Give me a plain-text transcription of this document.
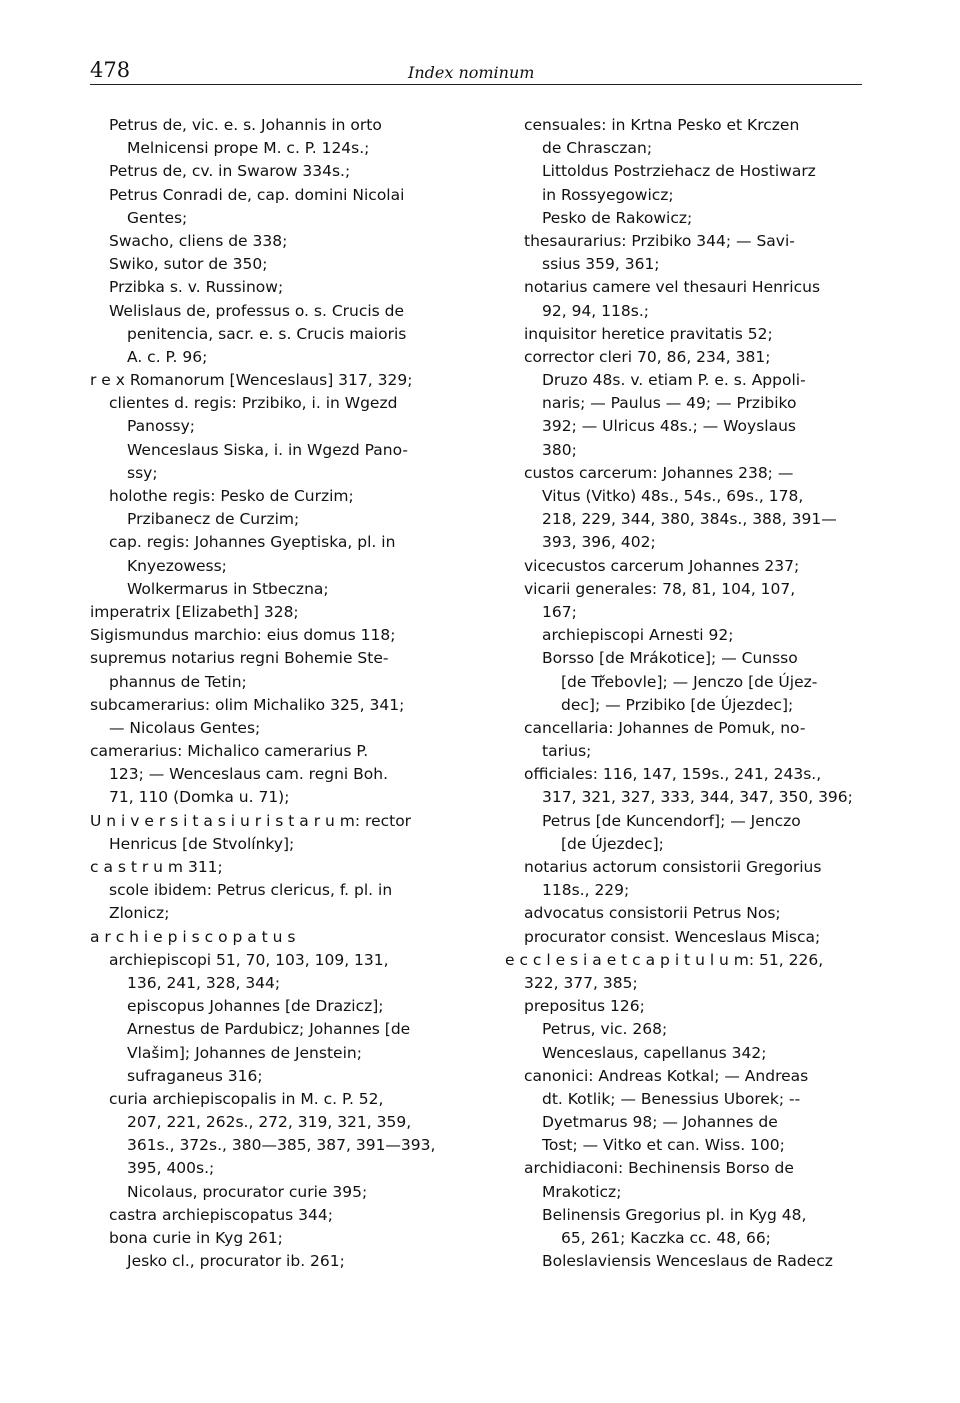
478	Index nominum
Petrus de, vic. e. s. Johannis in orto
Melnicensi prope M. c. P. 124s.;
Petrus de, cv. in Swarow 334s.;
Petrus Conradi de, cap. domini Nicolai
Gentes;
Swacho, cliens de 338;
Swiko, sutor de 350;
Przibka s. v. Russinow;
Welislaus de, professus o. s. Crucis de
penitencia, sacr. e. s. Crucis maioris
A. c. P. 96;
r e x Romanorum [Wenceslaus] 317, 329;
clientes d. regis: Przibiko, i. in Wgezd
Panossy;
Wenceslaus Siska, i. in Wgezd Pano-
ssy;
holothe regis: Pesko de Curzim;
Przibanecz de Curzim;
cap. regis: Johannes Gyeptiska, pl. in
Knyezowess;
Wolkermarus in Stbeczna;
imperatrix [Elizabeth] 328;
Sigismundus marchio: eius domus 118;
supremus notarius regni Bohemie Ste-
phannus de Tetin;
subcamerarius: olim Michaliko 325, 341;
— Nicolaus Gentes;
camerarius: Michalico camerarius P.
123; — Wenceslaus cam. regni Boh.
71, 110 (Domka u. 71);
U n i v e r s i t a s i u r i s t a r u m: rector
Henricus [de Stvolínky];
c a s t r u m 311;
scole ibidem: Petrus clericus, f. pl. in
Zlonicz;
a r c h i e p i s c o p a t u s
archiepiscopi 51, 70, 103, 109, 131,
136, 241, 328, 344;
episcopus Johannes [de Drazicz];
Arnestus de Pardubicz; Johannes [de
Vlašim]; Johannes de Jenstein;
sufraganeus 316;
curia archiepiscopalis in M. c. P. 52,
207, 221, 262s., 272, 319, 321, 359,
361s., 372s., 380—385, 387, 391—393,
395, 400s.;
Nicolaus, procurator curie 395;
castra archiepiscopatus 344;
bona curie in Kyg 261;
Jesko cl., procurator ib. 261;
censuales: in Krtna Pesko et Krczen
de Chrasczan;
Littoldus Postrziehacz de Hostiwarz
in Rossyegowicz;
Pesko de Rakowicz;
thesaurarius: Przibiko 344; — Savi-
ssius 359, 361;
notarius camere vel thesauri Henricus
92, 94, 118s.;
inquisitor heretice pravitatis 52;
corrector cleri 70, 86, 234, 381;
Druzo 48s. v. etiam P. e. s. Appoli-
naris; — Paulus — 49; — Przibiko
392; — Ulricus 48s.; — Woyslaus
380;
custos carcerum: Johannes 238; —
Vitus (Vitko) 48s., 54s., 69s., 178,
218, 229, 344, 380, 384s., 388, 391—
393, 396, 402;
vicecustos carcerum Johannes 237;
vicarii generales: 78, 81, 104, 107,
167;
archiepiscopi Arnesti 92;
Borsso [de Mrákotice]; — Cunsso
[de Třebovle]; — Jenczo [de Újez-
dec]; — Przibiko [de Újezdec];
cancellaria: Johannes de Pomuk, no-
tarius;
officiales: 116, 147, 159s., 241, 243s.,
317, 321, 327, 333, 344, 347, 350, 396;
Petrus [de Kuncendorf]; — Jenczo
[de Újezdec];
notarius actorum consistorii Gregorius
118s., 229;
advocatus consistorii Petrus Nos;
procurator consist. Wenceslaus Misca;
e c c l e s i a e t c a p i t u l u m: 51, 226,
322, 377, 385;
prepositus 126;
Petrus, vic. 268;
Wenceslaus, capellanus 342;
canonici: Andreas Kotkal; — Andreas
dt. Kotlik; — Benessius Uborek; --
Dyetmarus 98; — Johannes de
Tost; — Vitko et can. Wiss. 100;
archidiaconi: Bechinensis Borso de
Mrakoticz;
Belinensis Gregorius pl. in Kyg 48,
65, 261; Kaczka cc. 48, 66;
Boleslaviensis Wenceslaus de Radecz
